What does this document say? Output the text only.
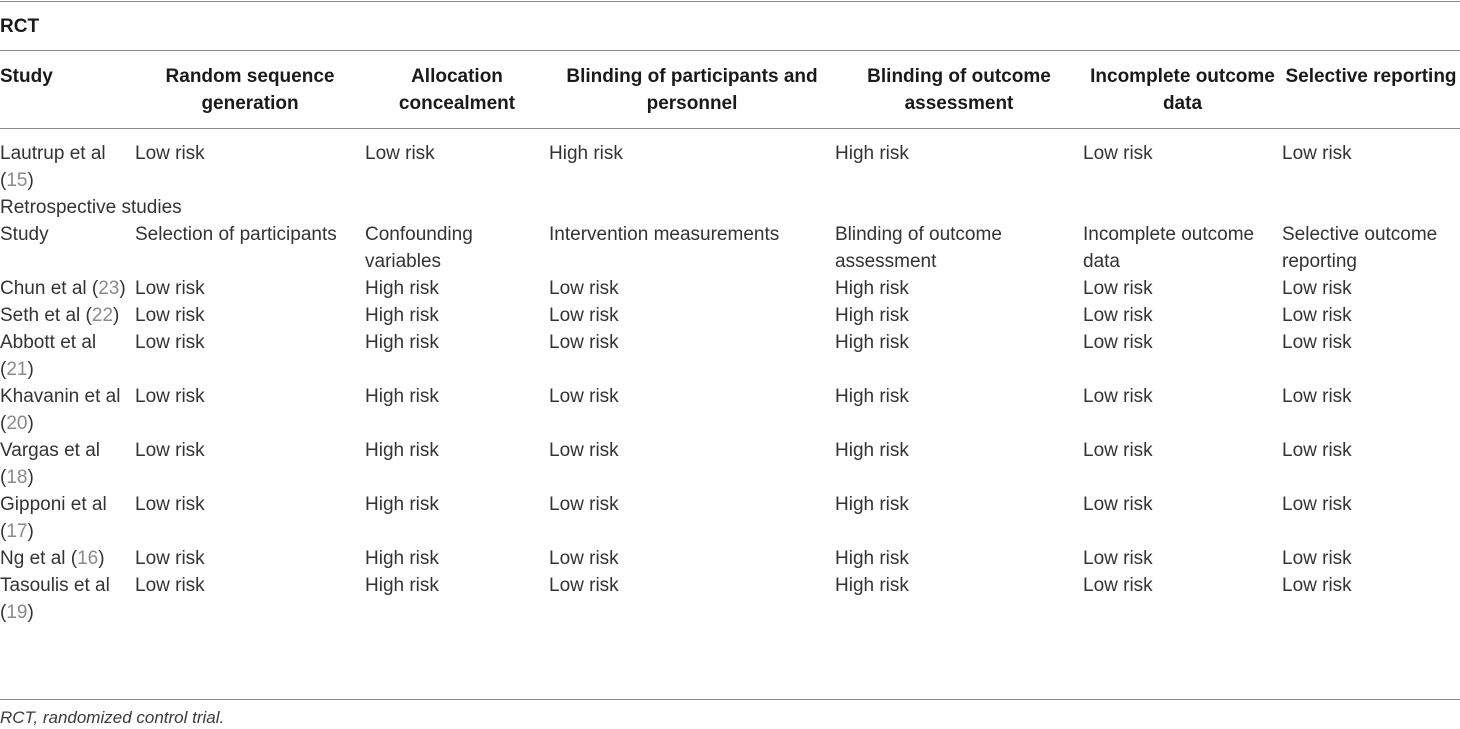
RCT
Study	Random sequence generation	Allocation concealment	Blinding of participants and personnel	Blinding of outcome assessment	Incomplete outcome data	Selective reporting
Lautrup et al (15)	Low risk	Low risk	High risk	High risk	Low risk	Low risk
Retrospective studies						
Study	Selection of participants	Confounding variables	Intervention measurements	Blinding of outcome assessment	Incomplete outcome data	Selective outcome reporting
Chun et al (23)	Low risk	High risk	Low risk	High risk	Low risk	Low risk
Seth et al (22)	Low risk	High risk	Low risk	High risk	Low risk	Low risk
Abbott et al (21)	Low risk	High risk	Low risk	High risk	Low risk	Low risk
Khavanin et al (20)	Low risk	High risk	Low risk	High risk	Low risk	Low risk
Vargas et al (18)	Low risk	High risk	Low risk	High risk	Low risk	Low risk
Gipponi et al (17)	Low risk	High risk	Low risk	High risk	Low risk	Low risk
Ng et al (16)	Low risk	High risk	Low risk	High risk	Low risk	Low risk
Tasoulis et al (19)	Low risk	High risk	Low risk	High risk	Low risk	Low risk
RCT, randomized control trial.
